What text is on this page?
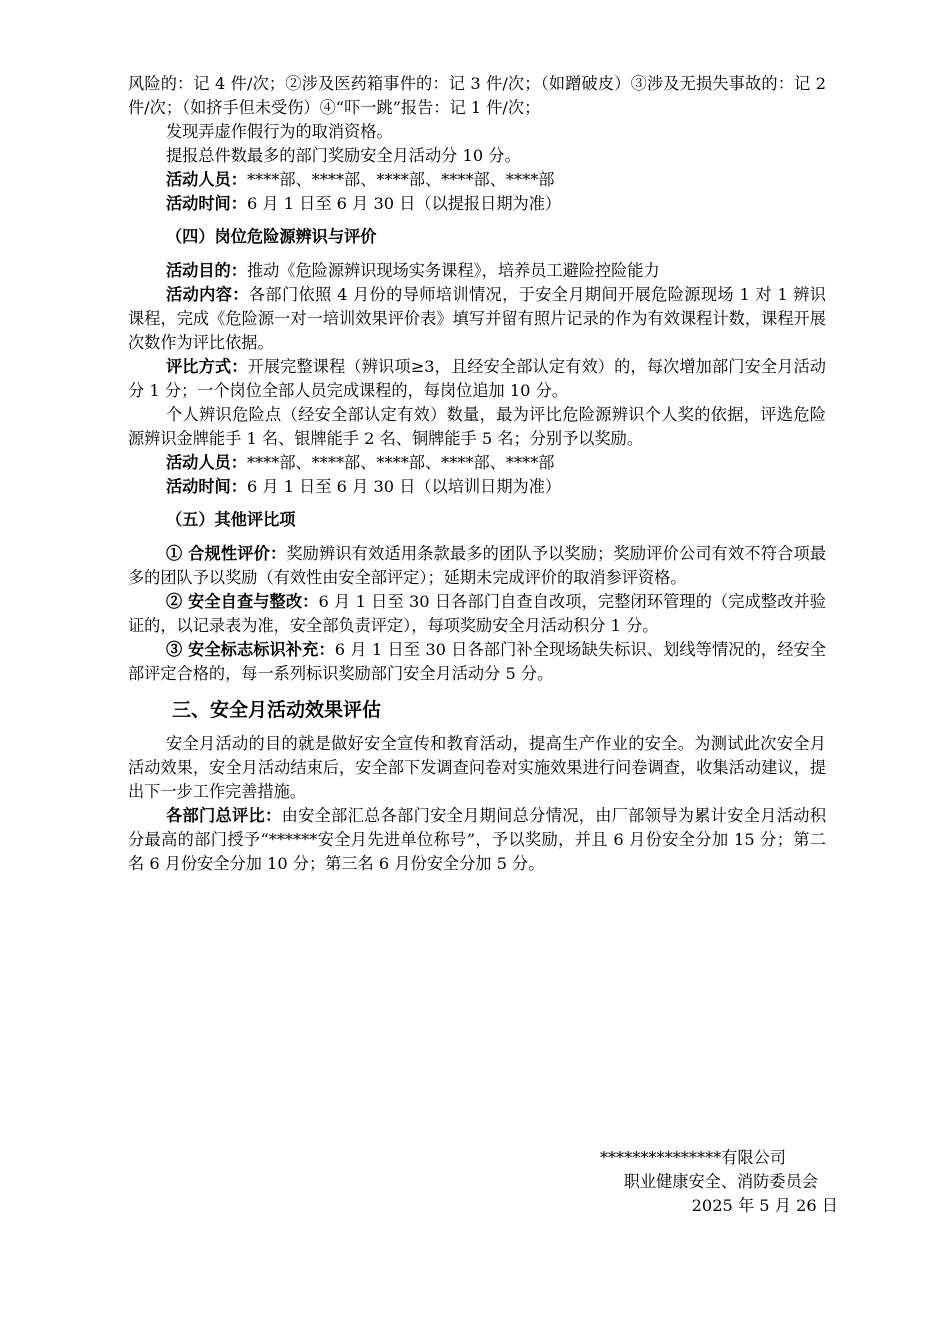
风险的：记 4 件/次；②涉及医药箱事件的：记 3 件/次；（如蹭破皮）③涉及无损失事故的：记 2 件/次；（如挤手但未受伤）④“吓一跳”报告：记 1 件/次；

发现弄虚作假行为的取消资格。

提报总件数最多的部门奖励安全月活动分 10 分。

活动人员：****部、****部、****部、****部、****部

活动时间：6 月 1 日至 6 月 30 日（以提报日期为准）

（四）岗位危险源辨识与评价

活动目的：推动《危险源辨识现场实务课程》，培养员工避险控险能力

活动内容：各部门依照 4 月份的导师培训情况，于安全月期间开展危险源现场 1 对 1 辨识课程，完成《危险源一对一培训效果评价表》填写并留有照片记录的作为有效课程计数，课程开展次数作为评比依据。

评比方式：开展完整课程（辨识项≥3，且经安全部认定有效）的，每次增加部门安全月活动分 1 分；一个岗位全部人员完成课程的，每岗位追加 10 分。

个人辨识危险点（经安全部认定有效）数量，最为评比危险源辨识个人奖的依据，评选危险源辨识金牌能手 1 名、银牌能手 2 名、铜牌能手 5 名；分别予以奖励。

活动人员：****部、****部、****部、****部、****部

活动时间：6 月 1 日至 6 月 30 日（以培训日期为准）

（五）其他评比项

① 合规性评价：奖励辨识有效适用条款最多的团队予以奖励；奖励评价公司有效不符合项最多的团队予以奖励（有效性由安全部评定）；延期未完成评价的取消参评资格。

② 安全自查与整改：6 月 1 日至 30 日各部门自查自改项，完整闭环管理的（完成整改并验证的，以记录表为准，安全部负责评定），每项奖励安全月活动积分 1 分。

③ 安全标志标识补充：6 月 1 日至 30 日各部门补全现场缺失标识、划线等情况的，经安全部评定合格的，每一系列标识奖励部门安全月活动分 5 分。

三、安全月活动效果评估

安全月活动的目的就是做好安全宣传和教育活动，提高生产作业的安全。为测试此次安全月活动效果，安全月活动结束后，安全部下发调查问卷对实施效果进行问卷调查，收集活动建议，提出下一步工作完善措施。

各部门总评比：由安全部汇总各部门安全月期间总分情况，由厂部领导为累计安全月活动积分最高的部门授予“******安全月先进单位称号”，予以奖励，并且 6 月份安全分加 15 分；第二名 6 月份安全分加 10 分；第三名 6 月份安全分加 5 分。

***************有限公司
职业健康安全、消防委员会
2025 年 5 月 26 日
